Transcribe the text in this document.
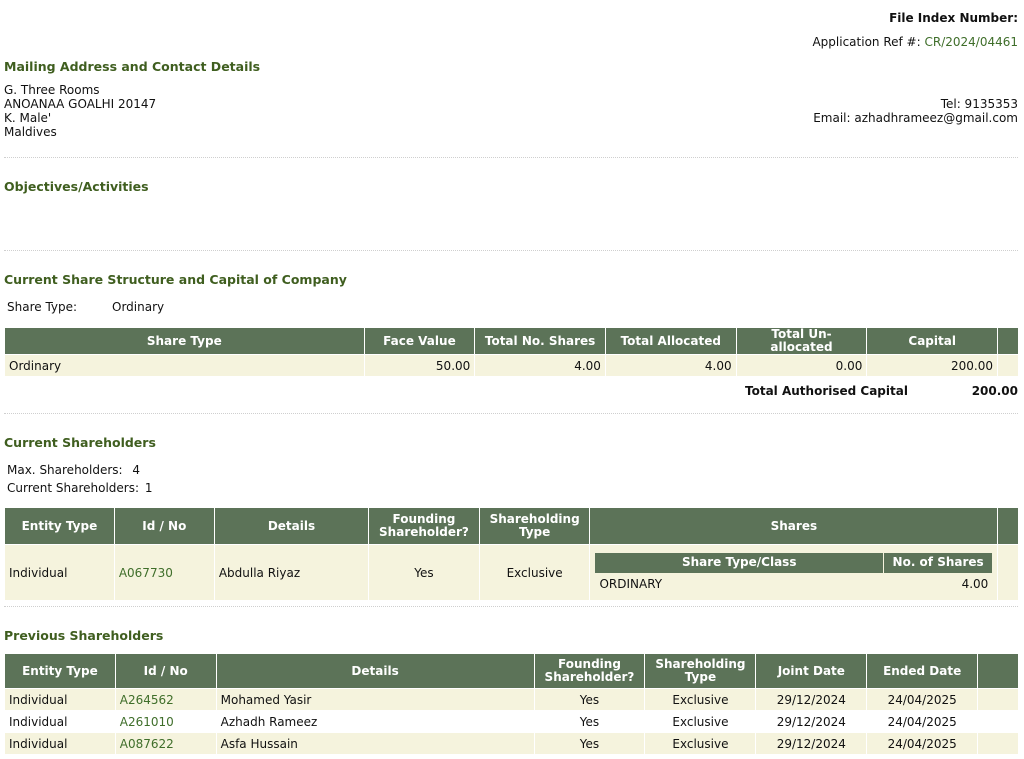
File Index Number:
Application Ref #: CR/2024/04461
Mailing Address and Contact Details
G. Three Rooms
ANOANAA GOALHI 20147
K. Male'
Maldives
Tel: 9135353
Email: azhadhrameez@gmail.com
Objectives/Activities
Current Share Structure and Capital of Company
Share Type:	Ordinary
Share Type	Face Value	Total No. Shares	Total Allocated	Total Un-allocated	Capital	
Ordinary	50.00	4.00	4.00	0.00	200.00	
Total Authorised Capital	200.00
Current Shareholders
Max. Shareholders: 4
Current Shareholders: 1
Entity Type	Id / No	Details	Founding Shareholder?	Shareholding Type	Shares	
Individual	A067730	Abdulla Riyaz	Yes	Exclusive	
Share Type/Class	No. of Shares
ORDINARY	4.00

Previous Shareholders
Entity Type	Id / No	Details	Founding Shareholder?	Shareholding Type	Joint Date	Ended Date	
Individual	A264562	Mohamed Yasir	Yes	Exclusive	29/12/2024	24/04/2025	
Individual	A261010	Azhadh Rameez	Yes	Exclusive	29/12/2024	24/04/2025	
Individual	A087622	Asfa Hussain	Yes	Exclusive	29/12/2024	24/04/2025	
